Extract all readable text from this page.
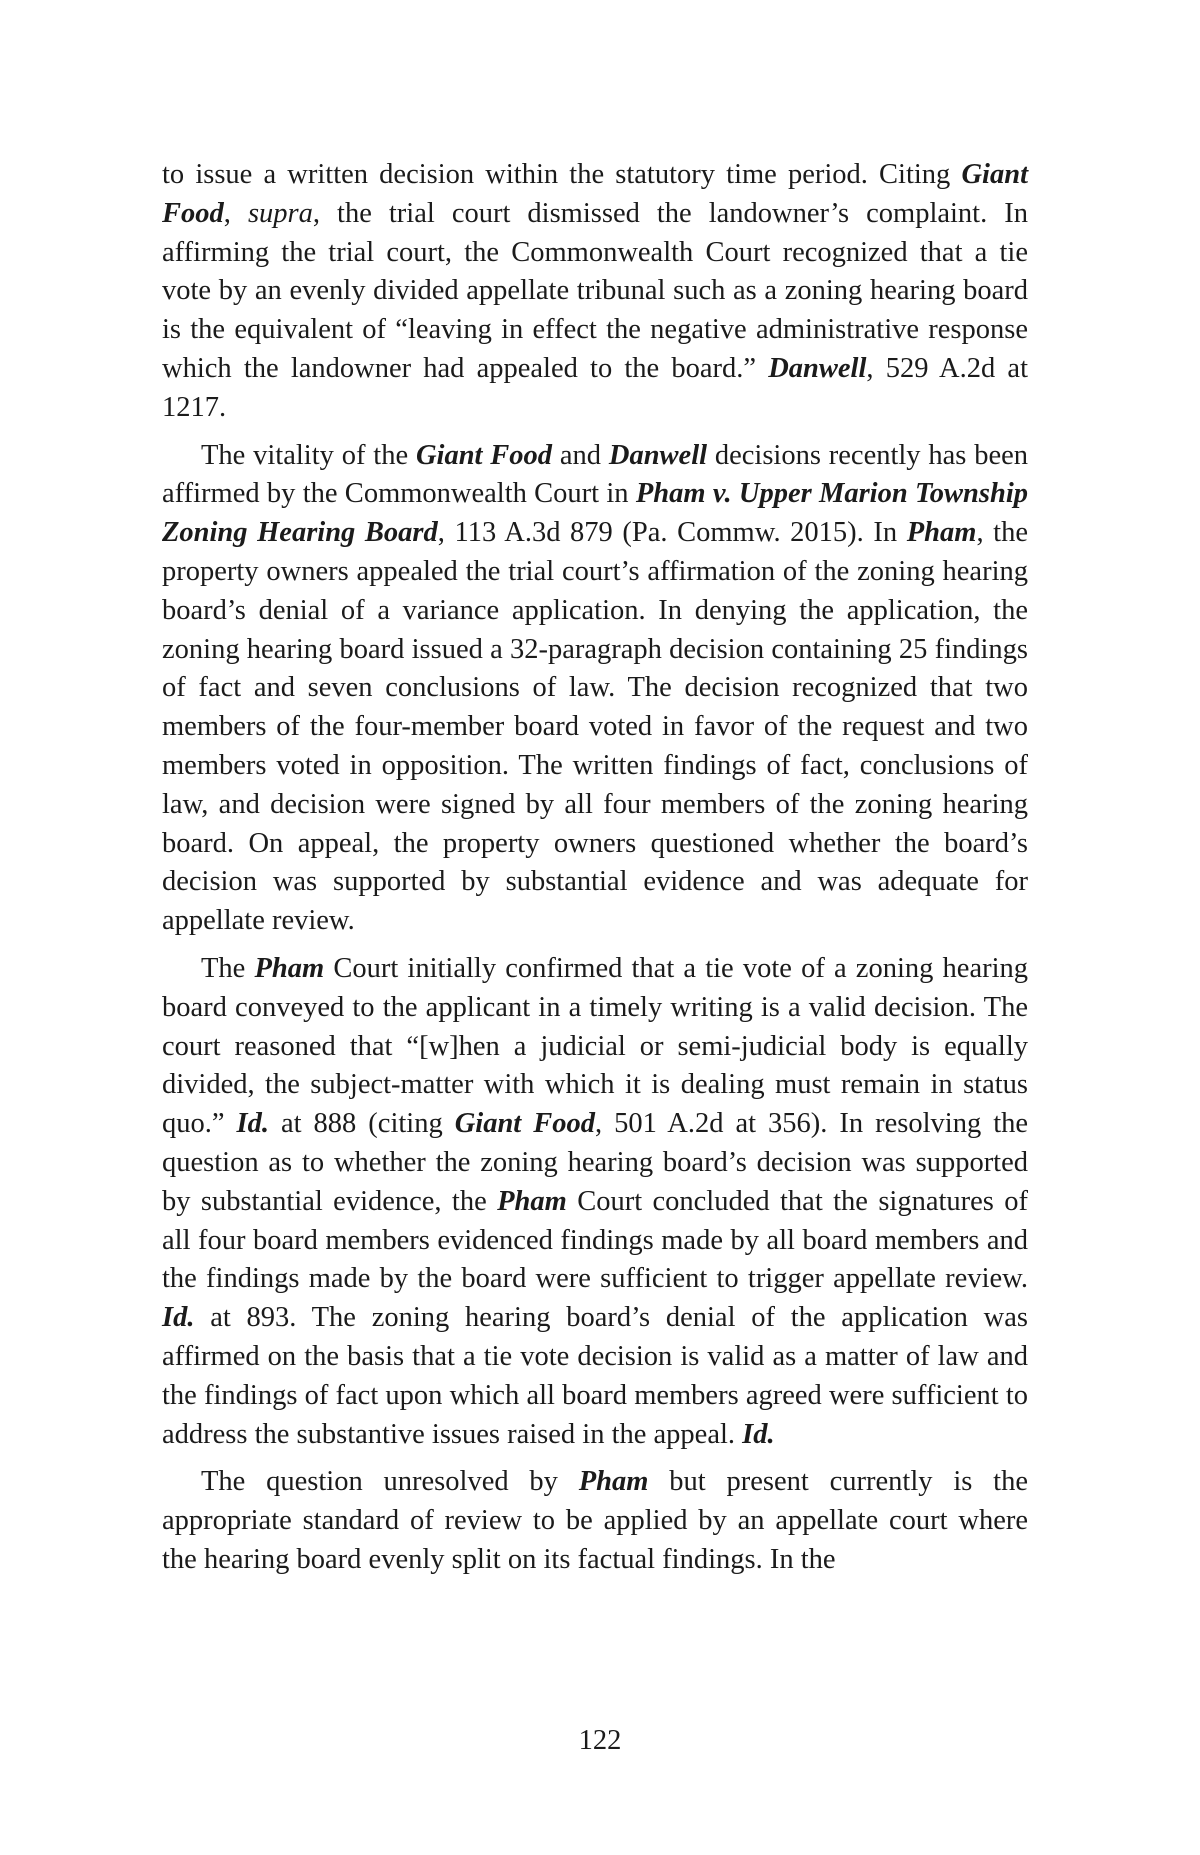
to issue a written decision within the statutory time period. Citing Giant Food, supra, the trial court dismissed the landowner’s complaint. In affirming the trial court, the Commonwealth Court recognized that a tie vote by an evenly divided appellate tribunal such as a zoning hearing board is the equivalent of “leaving in effect the negative administrative response which the landowner had appealed to the board.” Danwell, 529 A.2d at 1217.

The vitality of the Giant Food and Danwell decisions recently has been affirmed by the Commonwealth Court in Pham v. Upper Marion Township Zoning Hearing Board, 113 A.3d 879 (Pa. Commw. 2015). In Pham, the property owners appealed the trial court’s affirmation of the zoning hearing board’s denial of a variance application. In denying the application, the zoning hearing board issued a 32-paragraph decision containing 25 findings of fact and seven conclusions of law. The decision recognized that two members of the four-member board voted in favor of the request and two members voted in opposition. The written findings of fact, conclusions of law, and decision were signed by all four members of the zoning hearing board. On appeal, the property owners questioned whether the board’s decision was supported by substantial evidence and was adequate for appellate review.

The Pham Court initially confirmed that a tie vote of a zoning hearing board conveyed to the applicant in a timely writing is a valid decision. The court reasoned that “[w]hen a judicial or semi-judicial body is equally divided, the subject-matter with which it is dealing must remain in status quo.” Id. at 888 (citing Giant Food, 501 A.2d at 356). In resolving the question as to whether the zoning hearing board’s decision was supported by substantial evidence, the Pham Court concluded that the signatures of all four board members evidenced findings made by all board members and the findings made by the board were sufficient to trigger appellate review. Id. at 893. The zoning hearing board’s denial of the application was affirmed on the basis that a tie vote decision is valid as a matter of law and the findings of fact upon which all board members agreed were sufficient to address the substantive issues raised in the appeal. Id.

The question unresolved by Pham but present currently is the appropriate standard of review to be applied by an appellate court where the hearing board evenly split on its factual findings. In the

122
